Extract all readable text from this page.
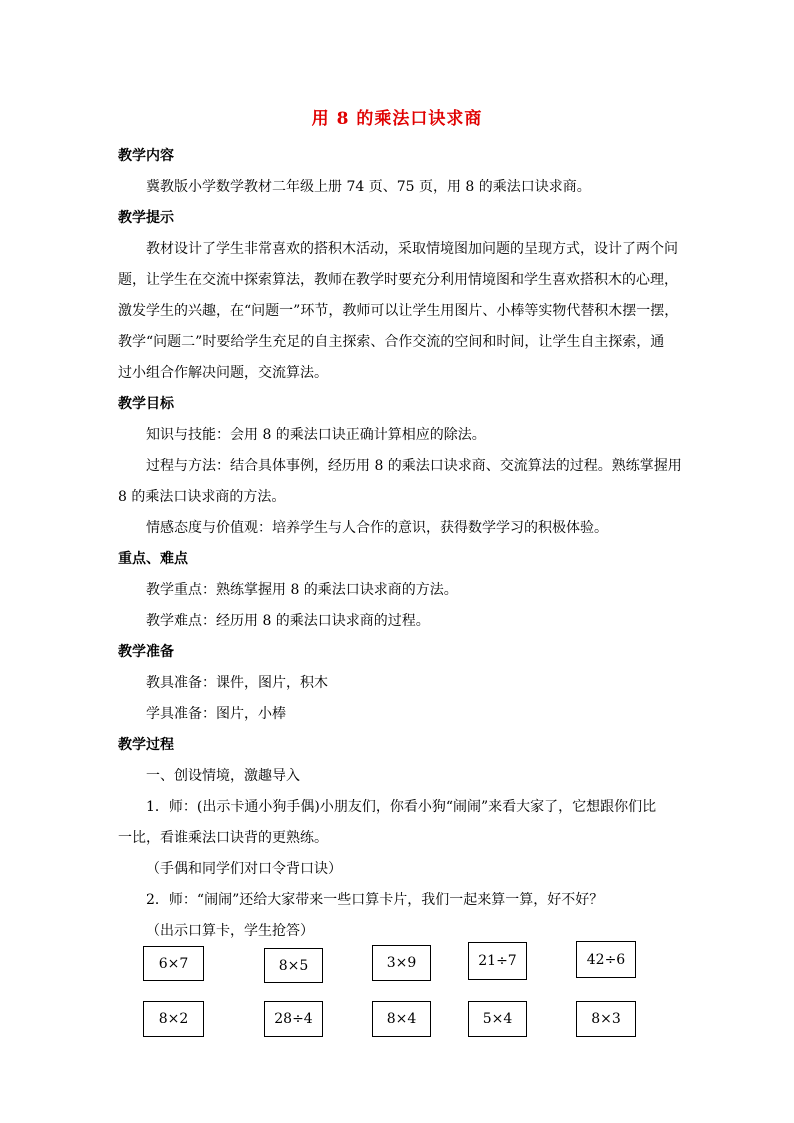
用 8 的乘法口诀求商
教学内容
冀教版小学数学教材二年级上册 74 页、75 页，用 8 的乘法口诀求商。
教学提示
教材设计了学生非常喜欢的搭积木活动，采取情境图加问题的呈现方式，设计了两个问
题，让学生在交流中探索算法，教师在教学时要充分利用情境图和学生喜欢搭积木的心理，
激发学生的兴趣，在“问题一”环节，教师可以让学生用图片、小棒等实物代替积木摆一摆，
教学“问题二”时要给学生充足的自主探索、合作交流的空间和时间，让学生自主探索，通
过小组合作解决问题，交流算法。
教学目标
知识与技能：会用 8 的乘法口诀正确计算相应的除法。
过程与方法：结合具体事例，经历用 8 的乘法口诀求商、交流算法的过程。熟练掌握用
8 的乘法口诀求商的方法。
情感态度与价值观：培养学生与人合作的意识，获得数学学习的积极体验。
重点、难点
教学重点：熟练掌握用 8 的乘法口诀求商的方法。
教学难点：经历用 8 的乘法口诀求商的过程。
教学准备
教具准备：课件，图片，积木
学具准备：图片，小棒
教学过程
一、创设情境，激趣导入
1．师：(出示卡通小狗手偶)小朋友们，你看小狗“闹闹”来看大家了，它想跟你们比
一比，看谁乘法口诀背的更熟练。
（手偶和同学们对口令背口诀）
2．师：“闹闹”还给大家带来一些口算卡片，我们一起来算一算，好不好？
（出示口算卡，学生抢答）
6×7	8×5	3×9	21÷7	42÷6
8×2	28÷4	8×4	5×4	8×3
